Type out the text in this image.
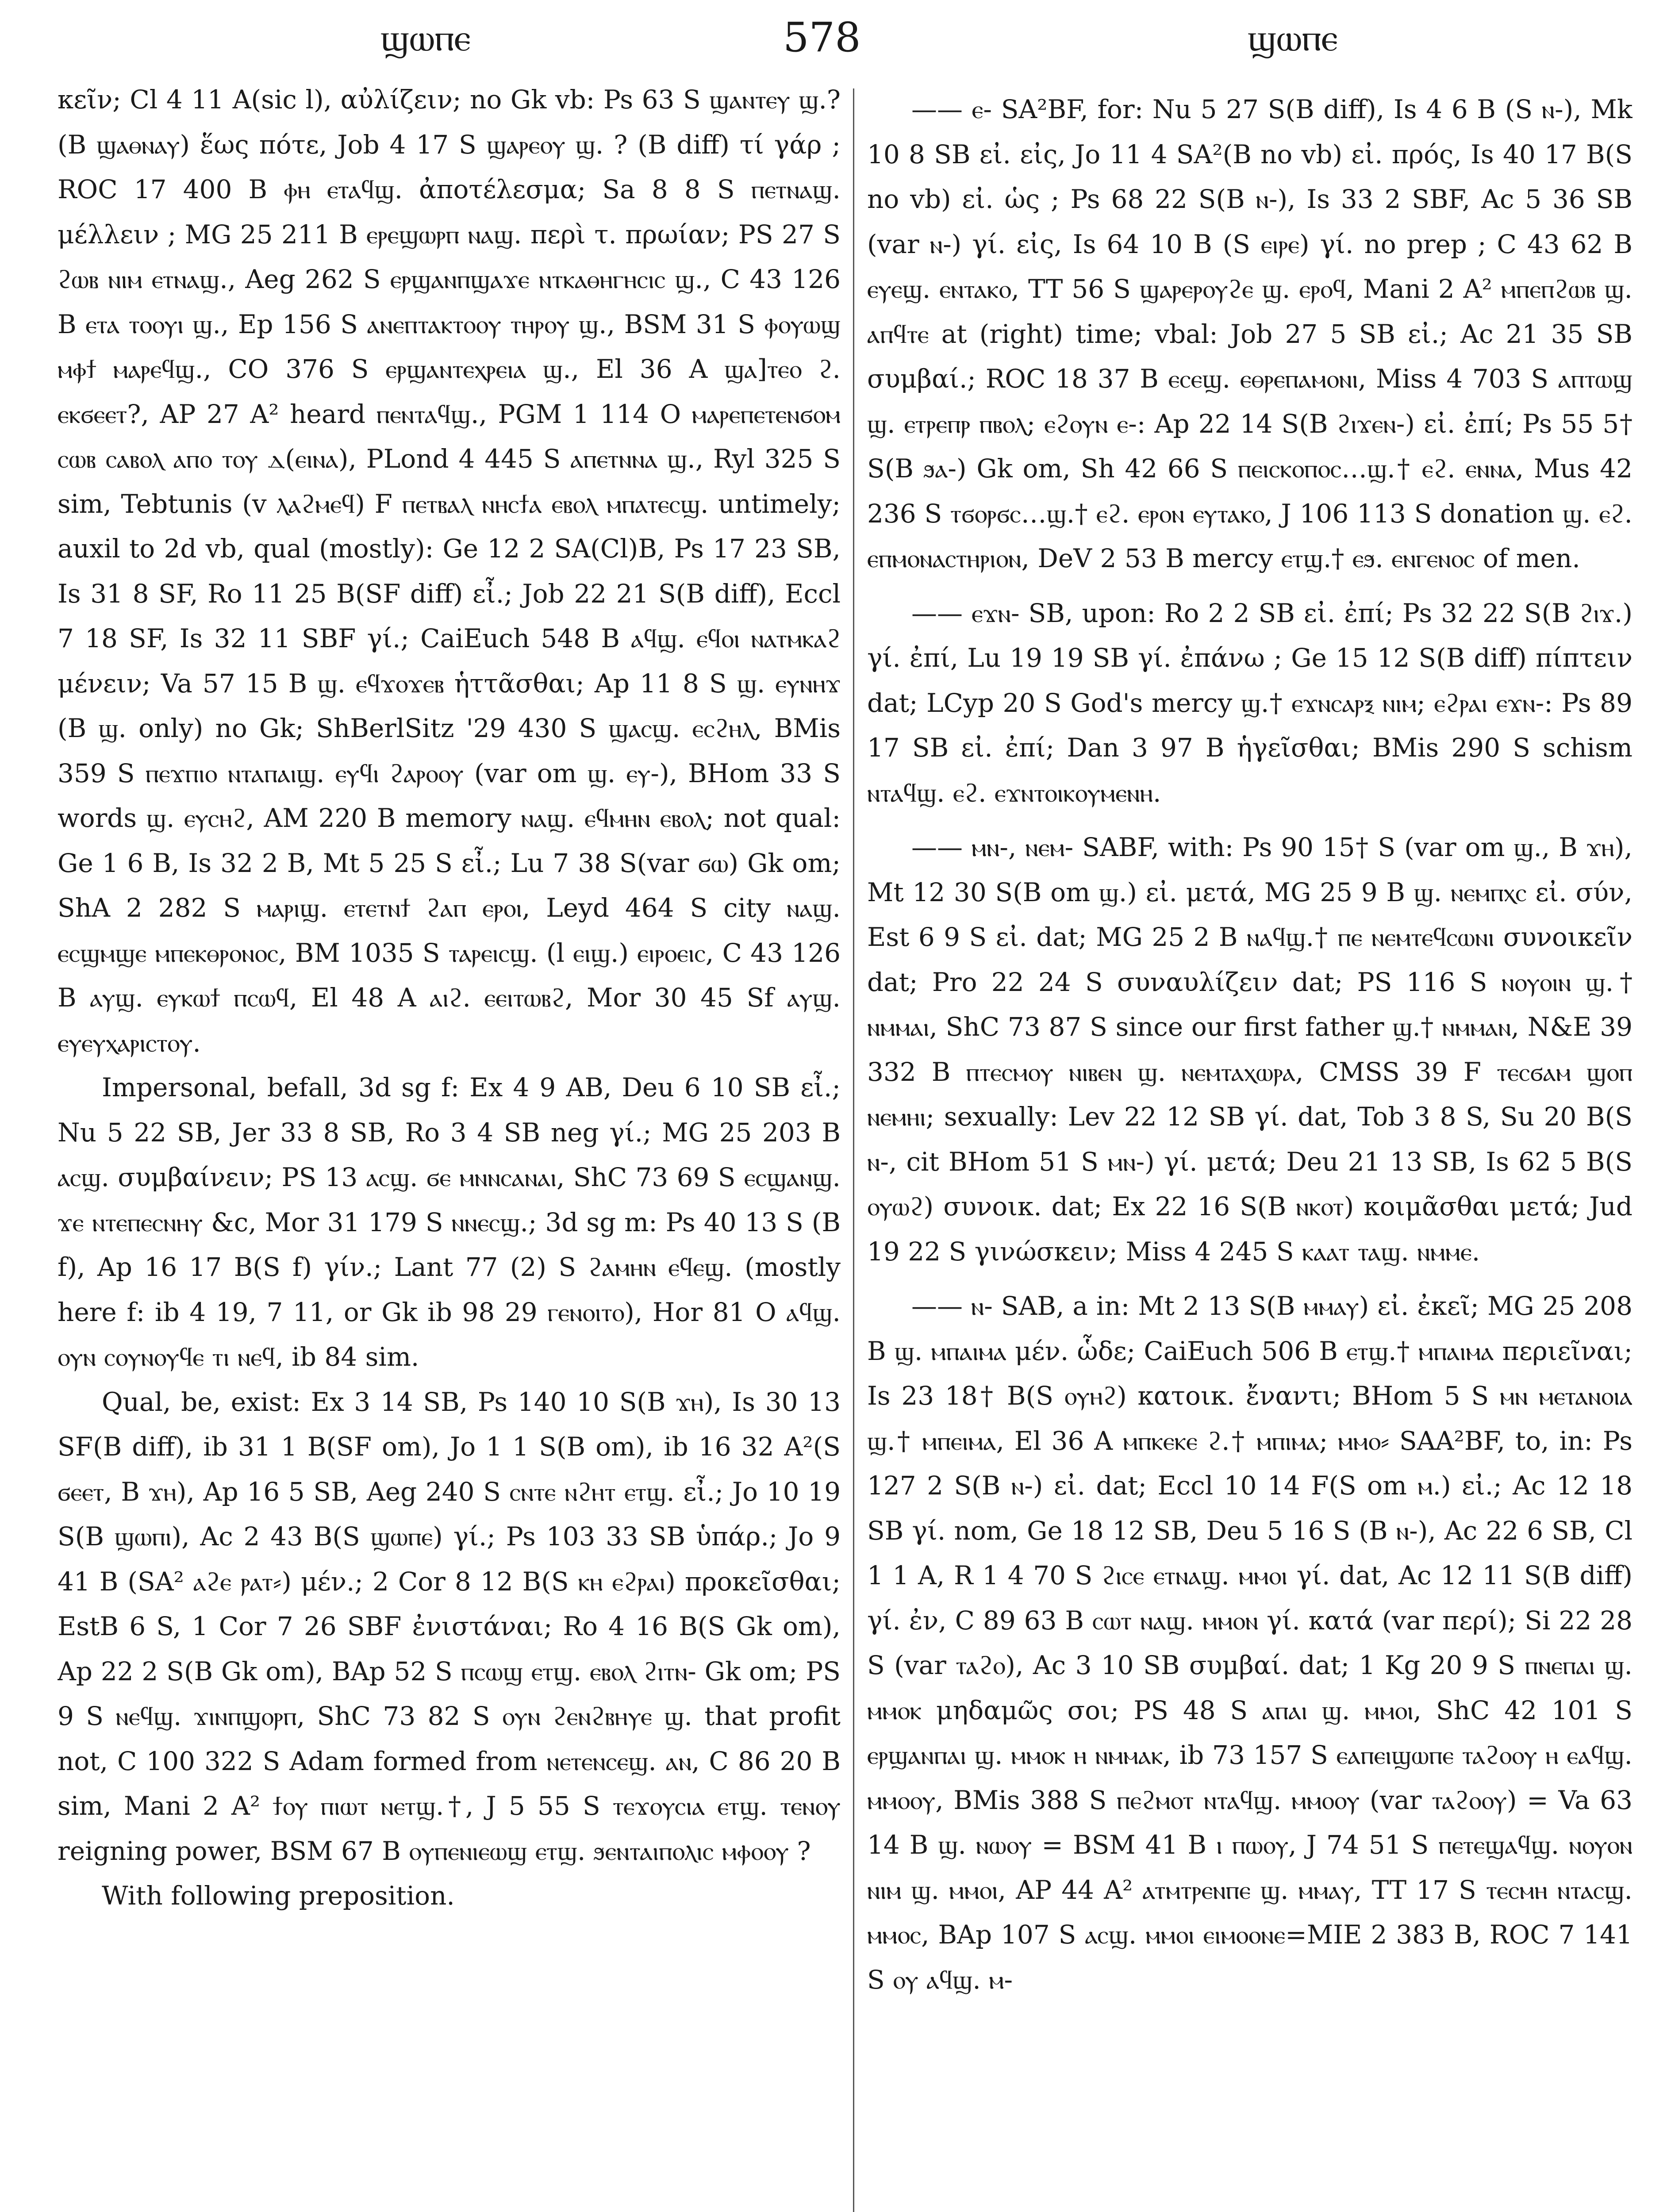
ϣⲱⲡⲉ	578	ϣⲱⲡⲉ

κεῖν; Cl 4 11 A(sic l), αὐλίζειν; no Gk vb: Ps 63 S ϣⲁⲛⲧⲉⲩ ϣ.? (B ϣⲁⲑⲛⲁⲩ) ἕως πότε, Job 4 17 S ϣⲁⲣⲉⲟⲩ ϣ. ? (B diff) τί γάρ ; ROC 17 400 B ⲫⲏ ⲉⲧⲁϥϣ. ἀποτέλεσμα; Sa 8 8 S ⲡⲉⲧⲛⲁϣ. μέλλειν ; MG 25 211 B ⲉⲣⲉϣⲱⲣⲡ ⲛⲁϣ. περὶ τ. πρωίαν; PS 27 S ϩⲱⲃ ⲛⲓⲙ ⲉⲧⲛⲁϣ., Aeg 262 S ⲉⲣϣⲁⲛⲡϣⲁϫⲉ ⲛⲧⲕⲁⲑⲏⲅⲏⲥⲓⲥ ϣ., C 43 126 B ⲉⲧⲁ ⲧⲟⲟⲩⲓ ϣ., Ep 156 S ⲁⲛⲉⲡⲧⲁⲕⲧⲟⲟⲩ ⲧⲏⲣⲟⲩ ϣ., BSM 31 S ⲫⲟⲩⲱϣ ⲙⲫϯ ⲙⲁⲣⲉϥϣ., CO 376 S ⲉⲣϣⲁⲛⲧⲉⲭⲣⲉⲓⲁ ϣ., El 36 A ϣⲁ]ⲧⲉⲟ ϩ. ⲉⲕϭⲉⲉⲧ?, AP 27 A² heard ⲡⲉⲛⲧⲁϥϣ., PGM 1 114 O ⲙⲁⲣⲉⲡⲉⲧⲉⲛϭⲟⲙ ⲥⲱⲃ ⲥⲁⲃⲟⲗ ⲁⲡⲟ ⲧⲟⲩ ⲇ(ⲉⲓⲛⲁ), PLond 4 445 S ⲁⲡⲉⲧⲛⲛⲁ ϣ., Ryl 325 S sim, Tebtunis (v ⲗⲁϩⲙⲉϥ) F ⲡⲉⲧⲃⲁⲗ ⲛⲏⲥϯⲁ ⲉⲃⲟⲗ ⲙⲡⲁⲧⲉⲥϣ. untimely; auxil to 2d vb, qual (mostly): Ge 12 2 SA(Cl)B, Ps 17 23 SB, Is 31 8 SF, Ro 11 25 B(SF diff) εἶ.; Job 22 21 S(B diff), Eccl 7 18 SF, Is 32 11 SBF γί.; CaiEuch 548 B ⲁϥϣ. ⲉϥⲟⲓ ⲛⲁⲧⲙⲕⲁϩ μένειν; Va 57 15 B ϣ. ⲉϥϫⲟϫⲉⲃ ἡττᾶσθαι; Ap 11 8 S ϣ. ⲉⲩⲛⲏϫ (B ϣ. only) no Gk; ShBerlSitz '29 430 S ϣⲁⲥϣ. ⲉⲥϩⲏⲗ, BMis 359 S ⲡⲉϫⲡⲓⲟ ⲛⲧⲁⲡⲁⲓϣ. ⲉⲩϥⲓ ϩⲁⲣⲟⲟⲩ (var om ϣ. ⲉⲩ-), BHom 33 S words ϣ. ⲉⲩⲥⲏϩ, AM 220 B memory ⲛⲁϣ. ⲉϥⲙⲏⲛ ⲉⲃⲟⲗ; not qual: Ge 1 6 B, Is 32 2 B, Mt 5 25 S εἶ.; Lu 7 38 S(var ϭⲱ) Gk om; ShA 2 282 S ⲙⲁⲣⲓϣ. ⲉⲧⲉⲧⲛϯ ϩⲁⲡ ⲉⲣⲟⲓ, Leyd 464 S city ⲛⲁϣ. ⲉⲥϣⲙϣⲉ ⲙⲡⲉⲕⲑⲣⲟⲛⲟⲥ, BM 1035 S ⲧⲁⲣⲉⲓⲥϣ. (l ⲉⲓϣ.) ⲉⲓⲣⲟⲉⲓⲥ, C 43 126 B ⲁⲩϣ. ⲉⲩⲕⲱϯ ⲡⲥⲱϥ, El 48 A ⲁⲓϩ. ⲉⲉⲓⲧⲱⲃϩ, Mor 30 45 Sf ⲁⲩϣ. ⲉⲩⲉⲩⲭⲁⲣⲓⲥⲧⲟⲩ.

Impersonal, befall, 3d sg f: Ex 4 9 AB, Deu 6 10 SB εἶ.; Nu 5 22 SB, Jer 33 8 SB, Ro 3 4 SB neg γί.; MG 25 203 B ⲁⲥϣ. συμβαίνειν; PS 13 ⲁⲥϣ. ϭⲉ ⲙⲛⲛⲥⲁⲛⲁⲓ, ShC 73 69 S ⲉⲥϣⲁⲛϣ. ϫⲉ ⲛⲧⲉⲡⲉⲥⲛⲏⲩ &c, Mor 31 179 S ⲛⲛⲉⲥϣ.; 3d sg m: Ps 40 13 S (B f), Ap 16 17 B(S f) γίν.; Lant 77 (2) S ϩⲁⲙⲏⲛ ⲉϥⲉϣ. (mostly here f: ib 4 19, 7 11, or Gk ib 98 29 ⲅⲉⲛⲟⲓⲧⲟ), Hor 81 O ⲁϥϣ. ⲟⲩⲛ ⲥⲟⲩⲛⲟⲩϥⲉ ⲧⲓ ⲛⲉϥ, ib 84 sim.

Qual, be, exist: Ex 3 14 SB, Ps 140 10 S(B ϫⲏ), Is 30 13 SF(B diff), ib 31 1 B(SF om), Jo 1 1 S(B om), ib 16 32 A²(S ϭⲉⲉⲧ, B ϫⲏ), Ap 16 5 SB, Aeg 240 S ⲥⲛⲧⲉ ⲛϩⲏⲧ ⲉⲧϣ. εἶ.; Jo 10 19 S(B ϣⲱⲡⲓ), Ac 2 43 B(S ϣⲱⲡⲉ) γί.; Ps 103 33 SB ὑπάρ.; Jo 9 41 B (SA² ⲁϩⲉ ⲣⲁⲧ⸗) μέν.; 2 Cor 8 12 B(S ⲕⲏ ⲉϩⲣⲁⲓ) προκεῖσθαι; EstB 6 S, 1 Cor 7 26 SBF ἐνιστάναι; Ro 4 16 B(S Gk om), Ap 22 2 S(B Gk om), BAp 52 S ⲡⲥⲱϣ ⲉⲧϣ. ⲉⲃⲟⲗ ϩⲓⲧⲛ- Gk om; PS 9 S ⲛⲉϥϣ. ϫⲓⲛⲡϣⲟⲣⲡ, ShC 73 82 S ⲟⲩⲛ ϩⲉⲛϩⲃⲏⲩⲉ ϣ. that profit not, C 100 322 S Adam formed from ⲛⲉⲧⲉⲛⲥⲉϣ. ⲁⲛ, C 86 20 B sim, Mani 2 A² ϯⲟⲩ ⲡⲓⲱⲧ ⲛⲉⲧϣ.†, J 5 55 S ⲧⲉϫⲟⲩⲥⲓⲁ ⲉⲧϣ. ⲧⲉⲛⲟⲩ reigning power, BSM 67 B ⲟⲩⲡⲉⲛⲓⲉⲱϣ ⲉⲧϣ. ϧⲉⲛⲧⲁⲓⲡⲟⲗⲓⲥ ⲙⲫⲟⲟⲩ ?

With following preposition.

—— ⲉ- SA²BF, for: Nu 5 27 S(B diff), Is 4 6 B (S ⲛ-), Mk 10 8 SB εἰ. εἰς, Jo 11 4 SA²(B no vb) εἰ. πρός, Is 40 17 B(S no vb) εἰ. ὡς ; Ps 68 22 S(B ⲛ-), Is 33 2 SBF, Ac 5 36 SB (var ⲛ-) γί. εἰς, Is 64 10 B (S ⲉⲓⲣⲉ) γί. no prep ; C 43 62 B ⲉⲩⲉϣ. ⲉⲛⲧⲁⲕⲟ, TT 56 S ϣⲁⲣⲉⲣⲟⲩϩⲉ ϣ. ⲉⲣⲟϥ, Mani 2 A² ⲙⲡⲉⲡϩⲱⲃ ϣ. ⲁⲡϥⲧⲉ at (right) time; vbal: Job 27 5 SB εἰ.; Ac 21 35 SB συμβαί.; ROC 18 37 B ⲉⲥⲉϣ. ⲉⲑⲣⲉⲡⲁⲙⲟⲛⲓ, Miss 4 703 S ⲁⲡⲧⲱϣ ϣ. ⲉⲧⲣⲉⲡⲣ ⲡⲃⲟⲗ; ⲉϩⲟⲩⲛ ⲉ-: Ap 22 14 S(B ϩⲓϫⲉⲛ-) εἰ. ἐπί; Ps 55 5† S(B ϧⲁ-) Gk om, Sh 42 66 S ⲡⲉⲓⲥⲕⲟⲡⲟⲥ…ϣ.† ⲉϩ. ⲉⲛⲛⲁ, Mus 42 236 S ⲧϭⲟⲣϭⲥ…ϣ.† ⲉϩ. ⲉⲣⲟⲛ ⲉⲩⲧⲁⲕⲟ, J 106 113 S donation ϣ. ⲉϩ. ⲉⲡⲙⲟⲛⲁⲥⲧⲏⲣⲓⲟⲛ, DeV 2 53 B mercy ⲉⲧϣ.† ⲉϧ. ⲉⲛⲅⲉⲛⲟⲥ of men.

—— ⲉϫⲛ- SB, upon: Ro 2 2 SB εἰ. ἐπί; Ps 32 22 S(B ϩⲓϫ.) γί. ἐπί, Lu 19 19 SB γί. ἐπάνω ; Ge 15 12 S(B diff) πίπτειν dat; LCyp 20 S God's mercy ϣ.† ⲉϫⲛⲥⲁⲣⲝ ⲛⲓⲙ; ⲉϩⲣⲁⲓ ⲉϫⲛ-: Ps 89 17 SB εἰ. ἐπί; Dan 3 97 B ἡγεῖσθαι; BMis 290 S schism ⲛⲧⲁϥϣ. ⲉϩ. ⲉϫⲛⲧⲟⲓⲕⲟⲩⲙⲉⲛⲏ.

—— ⲙⲛ-, ⲛⲉⲙ- SABF, with: Ps 90 15† S (var om ϣ., B ϫⲏ), Mt 12 30 S(B om ϣ.) εἰ. μετά, MG 25 9 B ϣ. ⲛⲉⲙⲡⲭⲥ εἰ. σύν, Est 6 9 S εἰ. dat; MG 25 2 B ⲛⲁϥϣ.† ⲡⲉ ⲛⲉⲙⲧⲉϥⲥⲱⲛⲓ συνοικεῖν dat; Pro 22 24 S συναυλίζειν dat; PS 116 S ⲛⲟⲩⲟⲓⲛ ϣ.† ⲛⲙⲙⲁⲓ, ShC 73 87 S since our first father ϣ.† ⲛⲙⲙⲁⲛ, N&E 39 332 B ⲡⲧⲉⲥⲙⲟⲩ ⲛⲓⲃⲉⲛ ϣ. ⲛⲉⲙⲧⲁⲭⲱⲣⲁ, CMSS 39 F ⲧⲉⲥϭⲁⲙ ϣⲟⲡ ⲛⲉⲙⲏⲓ; sexually: Lev 22 12 SB γί. dat, Tob 3 8 S, Su 20 B(S ⲛ-, cit BHom 51 S ⲙⲛ-) γί. μετά; Deu 21 13 SB, Is 62 5 B(S ⲟⲩⲱϩ) συνοικ. dat; Ex 22 16 S(B ⲛⲕⲟⲧ) κοιμᾶσθαι μετά; Jud 19 22 S γινώσκειν; Miss 4 245 S ⲕⲁⲁⲧ ⲧⲁϣ. ⲛⲙⲙⲉ.

—— ⲛ- SAB, a in: Mt 2 13 S(B ⲙⲙⲁⲩ) εἰ. ἐκεῖ; MG 25 208 B ϣ. ⲙⲡⲁⲓⲙⲁ μέν. ὧδε; CaiEuch 506 B ⲉⲧϣ.† ⲙⲡⲁⲓⲙⲁ περιεῖναι; Is 23 18† B(S ⲟⲩⲏϩ) κατοικ. ἔναντι; BHom 5 S ⲙⲛ ⲙⲉⲧⲁⲛⲟⲓⲁ ϣ.† ⲙⲡⲉⲓⲙⲁ, El 36 A ⲙⲡⲕⲉⲕⲉ ϩ.† ⲙⲡⲓⲙⲁ; ⲙⲙⲟ⸗ SAA²BF, to, in: Ps 127 2 S(B ⲛ-) εἰ. dat; Eccl 10 14 F(S om ⲙ.) εἰ.; Ac 12 18 SB γί. nom, Ge 18 12 SB, Deu 5 16 S (B ⲛ-), Ac 22 6 SB, Cl 1 1 A, R 1 4 70 S ϩⲓⲥⲉ ⲉⲧⲛⲁϣ. ⲙⲙⲟⲓ γί. dat, Ac 12 11 S(B diff) γί. ἐν, C 89 63 B ⲥⲱⲧ ⲛⲁϣ. ⲙⲙⲟⲛ γί. κατά (var περί); Si 22 28 S (var ⲧⲁϩⲟ), Ac 3 10 SB συμβαί. dat; 1 Kg 20 9 S ⲡⲛⲉⲡⲁⲓ ϣ. ⲙⲙⲟⲕ μηδαμῶς σοι; PS 48 S ⲁⲡⲁⲓ ϣ. ⲙⲙⲟⲓ, ShC 42 101 S ⲉⲣϣⲁⲛⲡⲁⲓ ϣ. ⲙⲙⲟⲕ ⲏ ⲛⲙⲙⲁⲕ, ib 73 157 S ⲉⲁⲡⲉⲓϣⲱⲡⲉ ⲧⲁϩⲟⲟⲩ ⲏ ⲉⲁϥϣ. ⲙⲙⲟⲟⲩ, BMis 388 S ⲡⲉϩⲙⲟⲧ ⲛⲧⲁϥϣ. ⲙⲙⲟⲟⲩ (var ⲧⲁϩⲟⲟⲩ) = Va 63 14 B ϣ. ⲛⲱⲟⲩ = BSM 41 B ⲓ ⲡⲱⲟⲩ, J 74 51 S ⲡⲉⲧⲉϣⲁϥϣ. ⲛⲟⲩⲟⲛ ⲛⲓⲙ ϣ. ⲙⲙⲟⲓ, AP 44 A² ⲁⲧⲙⲧⲣⲉⲛⲡⲉ ϣ. ⲙⲙⲁⲩ, TT 17 S ⲧⲉⲥⲙⲏ ⲛⲧⲁⲥϣ. ⲙⲙⲟⲥ, BAp 107 S ⲁⲥϣ. ⲙⲙⲟⲓ ⲉⲓⲙⲟⲟⲛⲉ=MIE 2 383 B, ROC 7 141 S ⲟⲩ ⲁϥϣ. ⲙ-
